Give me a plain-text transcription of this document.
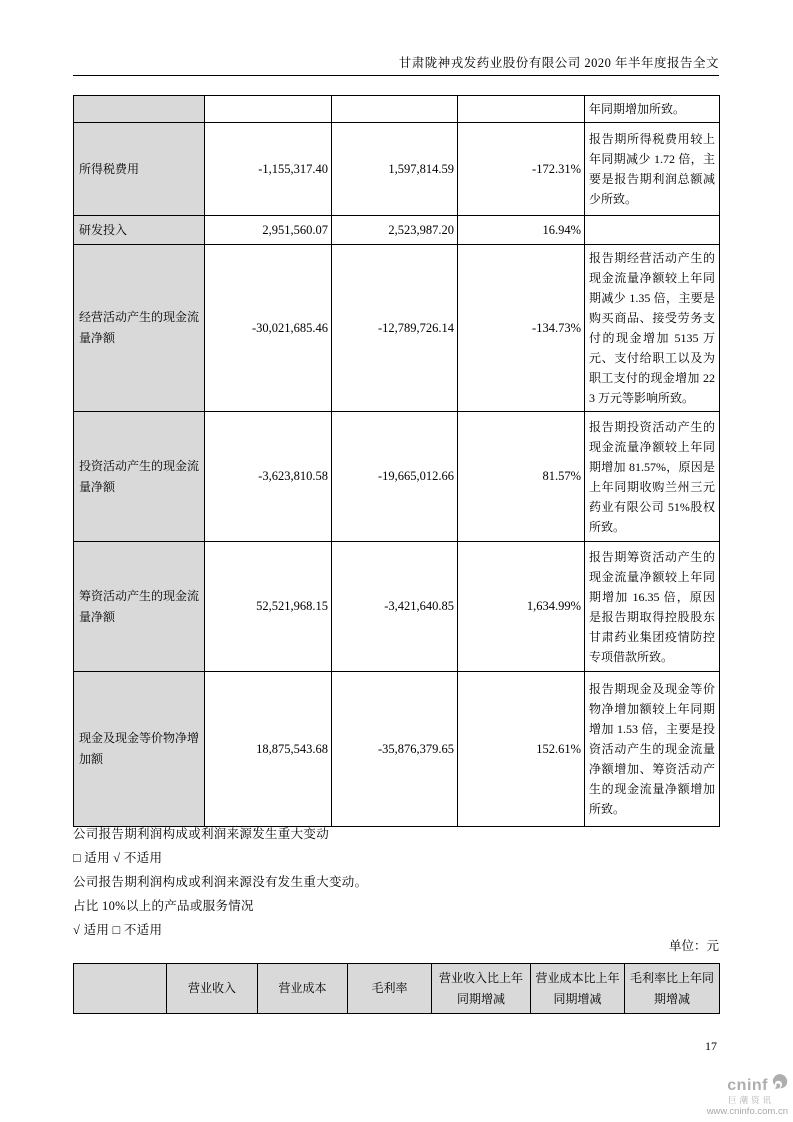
甘肃陇神戎发药业股份有限公司 2020 年半年度报告全文
				年同期增加所致。
所得税费用	-1,155,317.40	1,597,814.59	-172.31%	报告期所得税费用较上年同期减少 1.72 倍，主要是报告期利润总额减少所致。
研发投入	2,951,560.07	2,523,987.20	16.94%	
经营活动产生的现金流量净额	-30,021,685.46	-12,789,726.14	-134.73%	报告期经营活动产生的现金流量净额较上年同期减少 1.35 倍，主要是购买商品、接受劳务支付的现金增加 5135 万元、支付给职工以及为职工支付的现金增加 223 万元等影响所致。
投资活动产生的现金流量净额	-3,623,810.58	-19,665,012.66	81.57%	报告期投资活动产生的现金流量净额较上年同期增加 81.57%，原因是上年同期收购兰州三元药业有限公司 51%股权所致。
筹资活动产生的现金流量净额	52,521,968.15	-3,421,640.85	1,634.99%	报告期筹资活动产生的现金流量净额较上年同期增加 16.35 倍，原因是报告期取得控股股东甘肃药业集团疫情防控专项借款所致。
现金及现金等价物净增加额	18,875,543.68	-35,876,379.65	152.61%	报告期现金及现金等价物净增加额较上年同期增加 1.53 倍，主要是投资活动产生的现金流量净额增加、筹资活动产生的现金流量净额增加所致。
公司报告期利润构成或利润来源发生重大变动
□ 适用 √ 不适用
公司报告期利润构成或利润来源没有发生重大变动。
占比 10%以上的产品或服务情况
√ 适用 □ 不适用
单位：元
	营业收入	营业成本	毛利率	营业收入比上年同期增减	营业成本比上年同期增减	毛利率比上年同期增减
17
cninf
巨潮资讯
www.cninfo.com.cn
